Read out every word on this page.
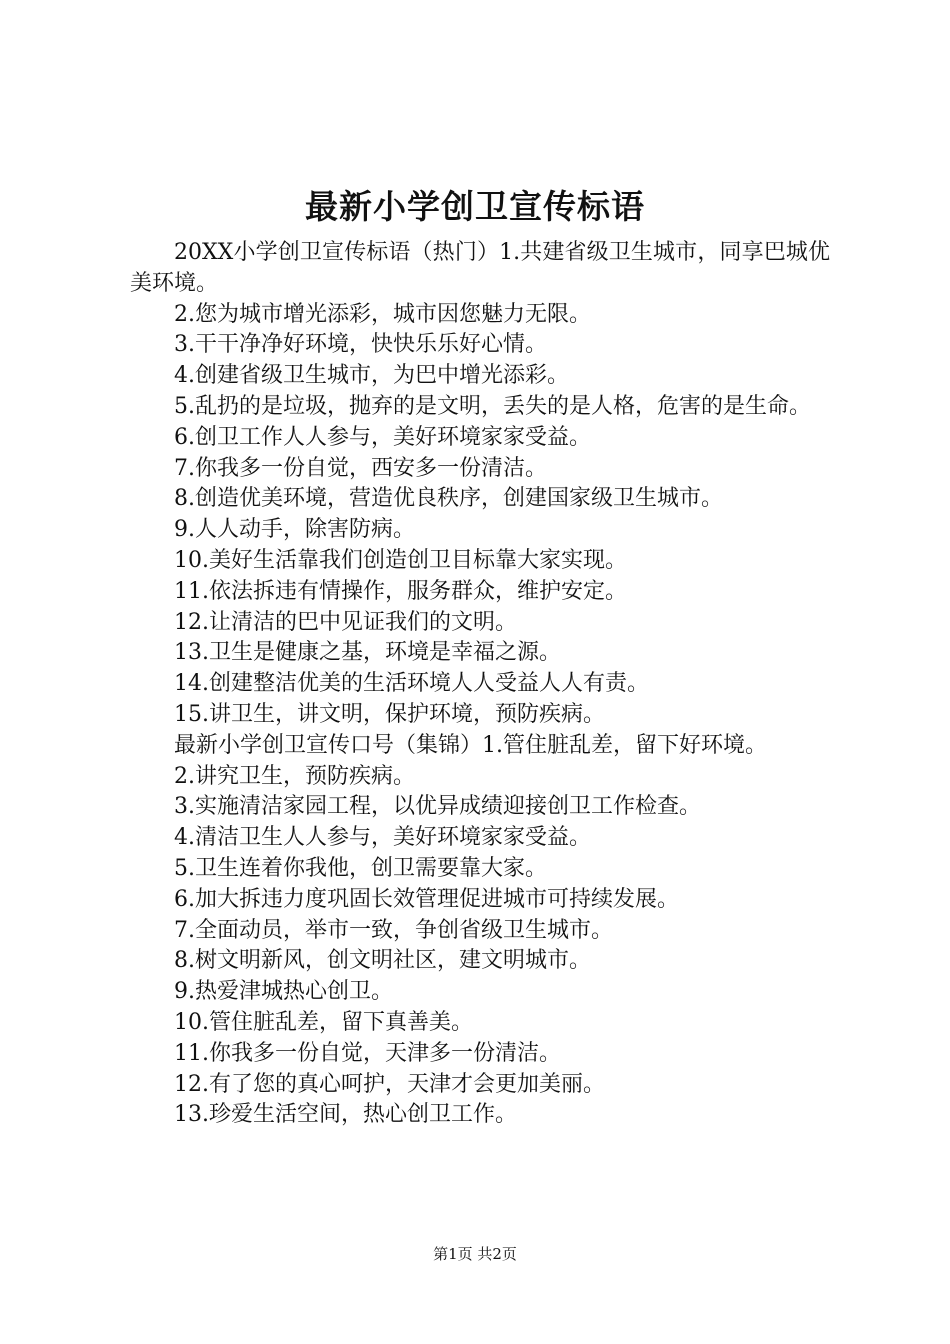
最新小学创卫宣传标语

20XX小学创卫宣传标语（热门）1.共建省级卫生城市，同享巴城优美环境。

2.您为城市增光添彩，城市因您魅力无限。

3.干干净净好环境，快快乐乐好心情。

4.创建省级卫生城市，为巴中增光添彩。

5.乱扔的是垃圾，抛弃的是文明，丢失的是人格，危害的是生命。

6.创卫工作人人参与，美好环境家家受益。

7.你我多一份自觉，西安多一份清洁。

8.创造优美环境，营造优良秩序，创建国家级卫生城市。

9.人人动手，除害防病。

10.美好生活靠我们创造创卫目标靠大家实现。

11.依法拆违有情操作，服务群众，维护安定。

12.让清洁的巴中见证我们的文明。

13.卫生是健康之基，环境是幸福之源。

14.创建整洁优美的生活环境人人受益人人有责。

15.讲卫生，讲文明，保护环境，预防疾病。

最新小学创卫宣传口号（集锦）1.管住脏乱差，留下好环境。

2.讲究卫生，预防疾病。

3.实施清洁家园工程，以优异成绩迎接创卫工作检查。

4.清洁卫生人人参与，美好环境家家受益。

5.卫生连着你我他，创卫需要靠大家。

6.加大拆违力度巩固长效管理促进城市可持续发展。

7.全面动员，举市一致，争创省级卫生城市。

8.树文明新风，创文明社区，建文明城市。

9.热爱津城热心创卫。

10.管住脏乱差，留下真善美。

11.你我多一份自觉，天津多一份清洁。

12.有了您的真心呵护，天津才会更加美丽。

13.珍爱生活空间，热心创卫工作。

第1页 共2页
